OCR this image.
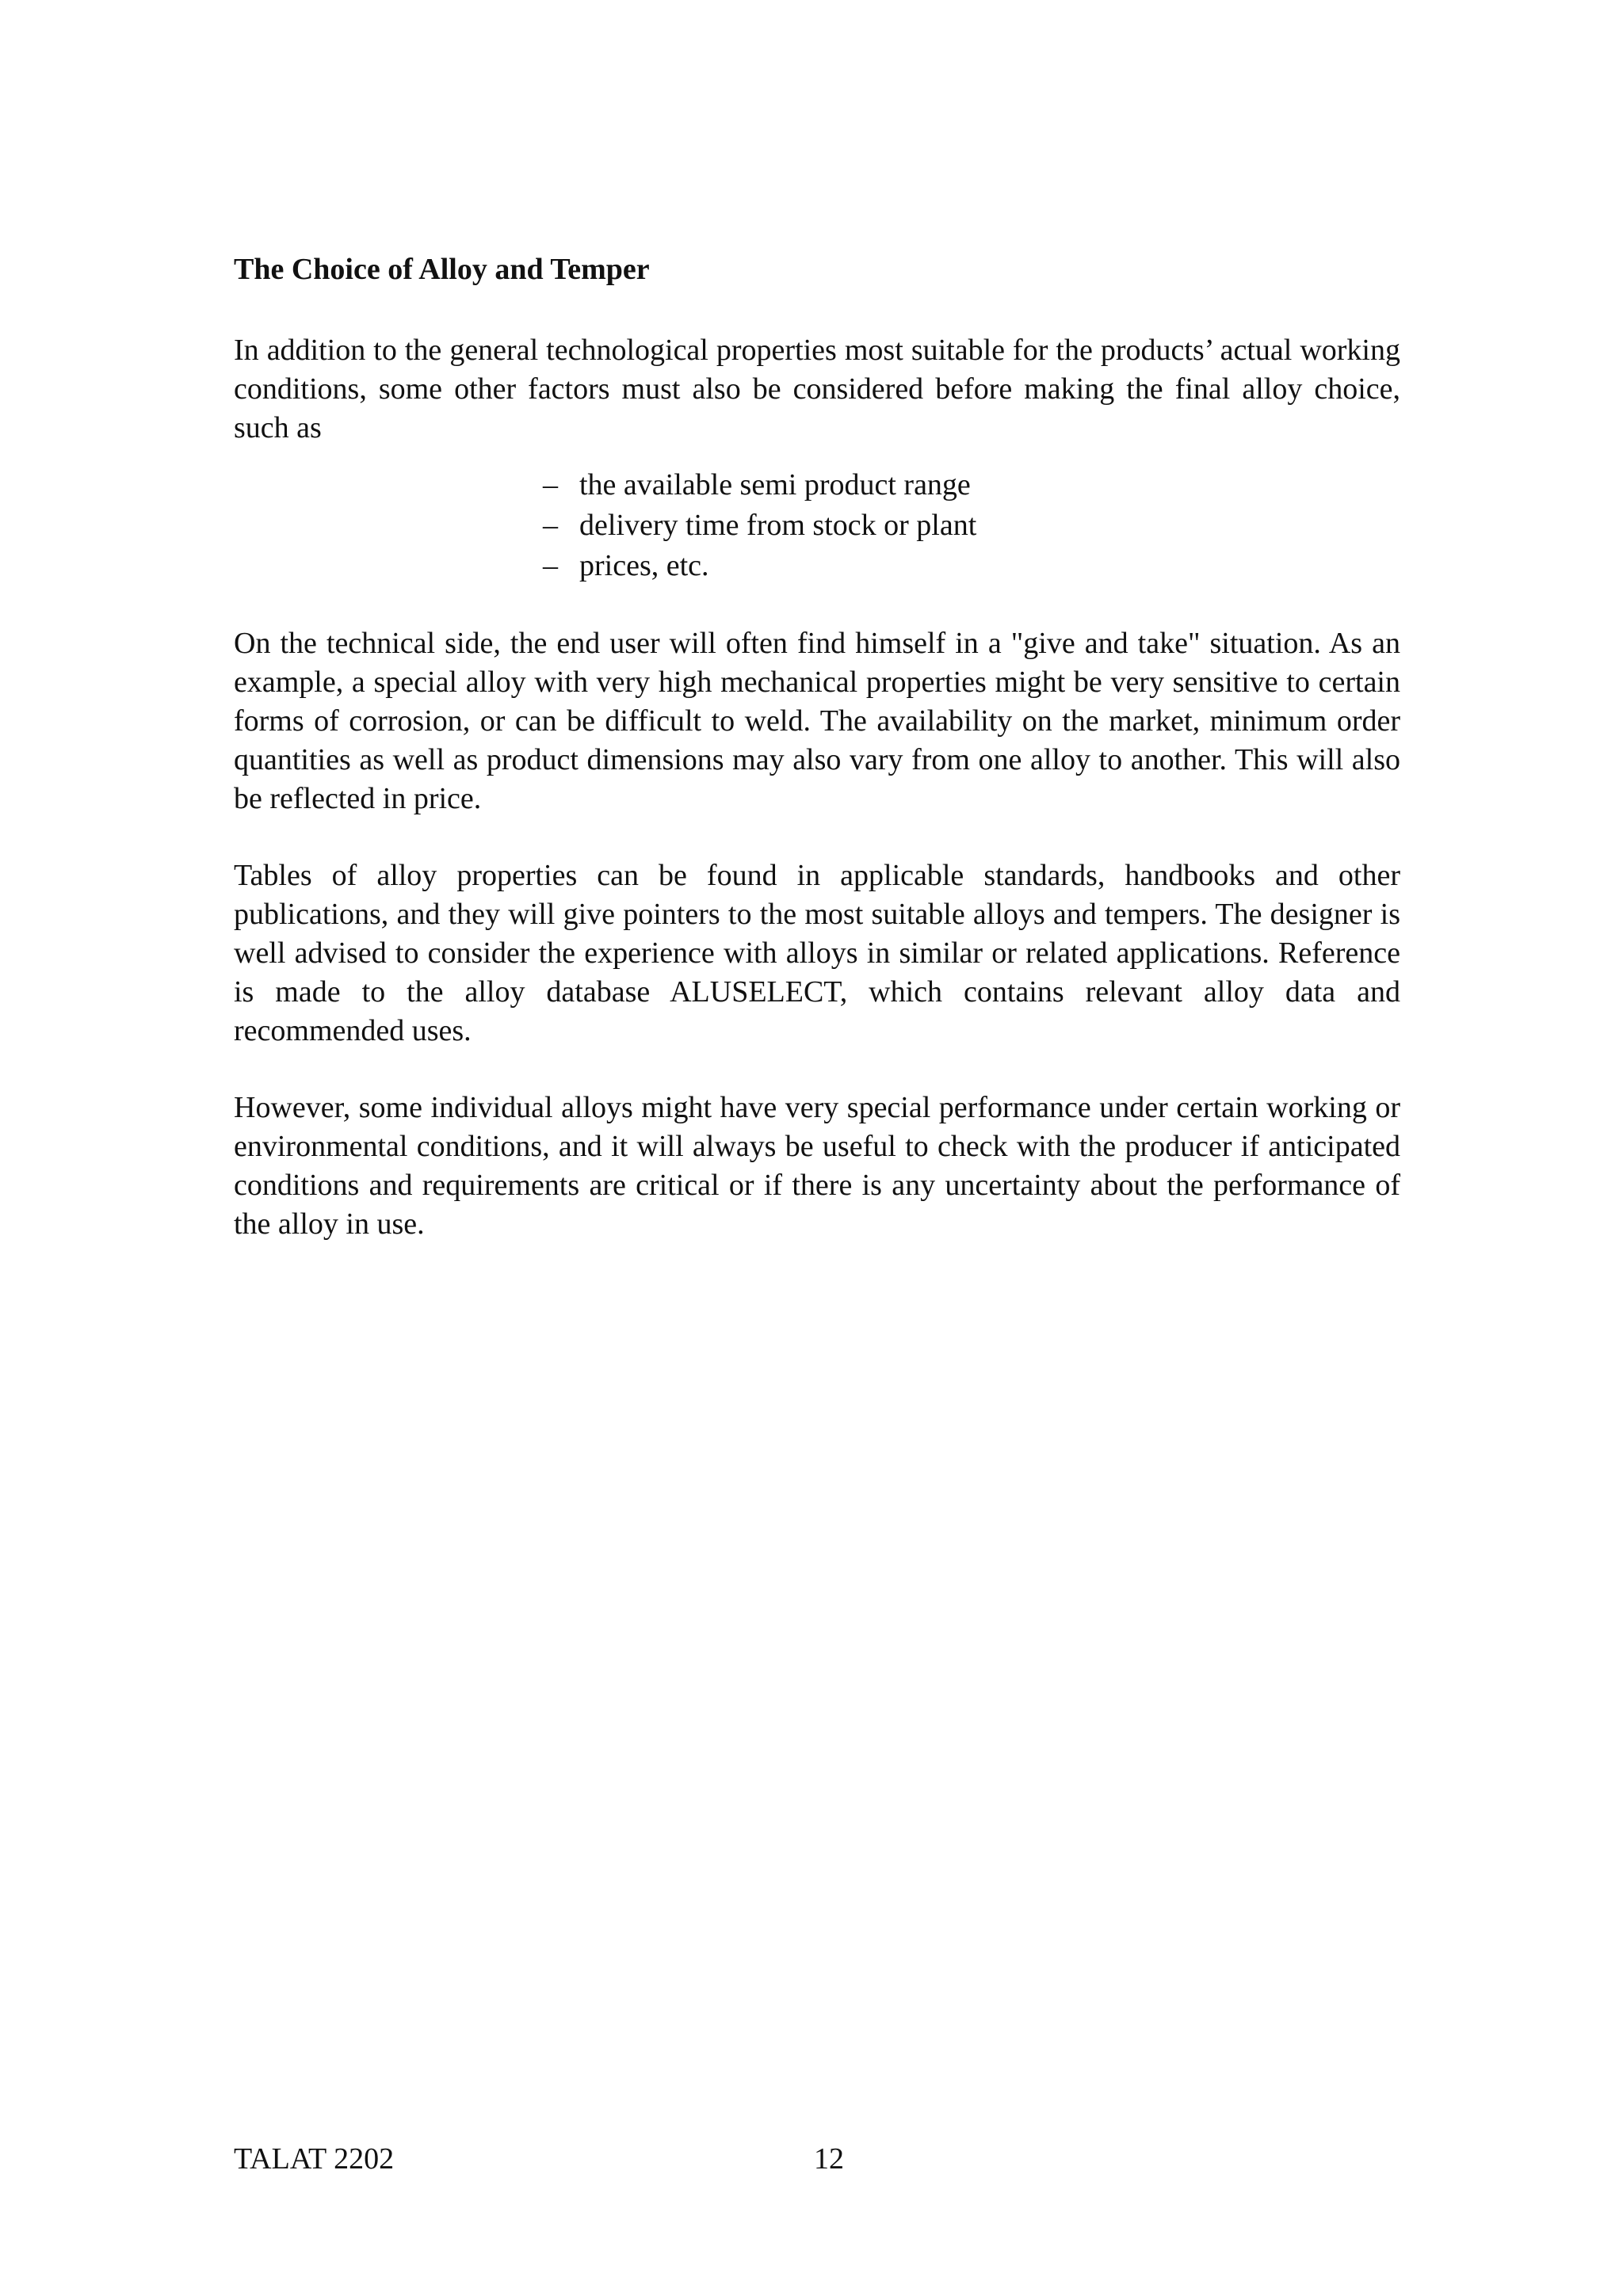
The Choice of Alloy and Temper

In addition to the general technological properties most suitable for the products’ actual working conditions, some other factors must also be considered before making the final alloy choice, such as

– the available semi product range
– delivery time from stock or plant
– prices, etc.

On the technical side, the end user will often find himself in a "give and take" situation. As an example, a special alloy with very high mechanical properties might be very sensitive to certain forms of corrosion, or can be difficult to weld. The availability on the market, minimum order quantities as well as product dimensions may also vary from one alloy to another. This will also be reflected in price.

Tables of alloy properties can be found in applicable standards, handbooks and other publications, and they will give pointers to the most suitable alloys and tempers. The designer is well advised to consider the experience with alloys in similar or related applications. Reference is made to the alloy database ALUSELECT, which contains relevant alloy data and recommended uses.

However, some individual alloys might have very special performance under certain working or environmental conditions, and it will always be useful to check with the producer if anticipated conditions and requirements are critical or if there is any uncertainty about the performance of the alloy in use.

TALAT 2202	12
